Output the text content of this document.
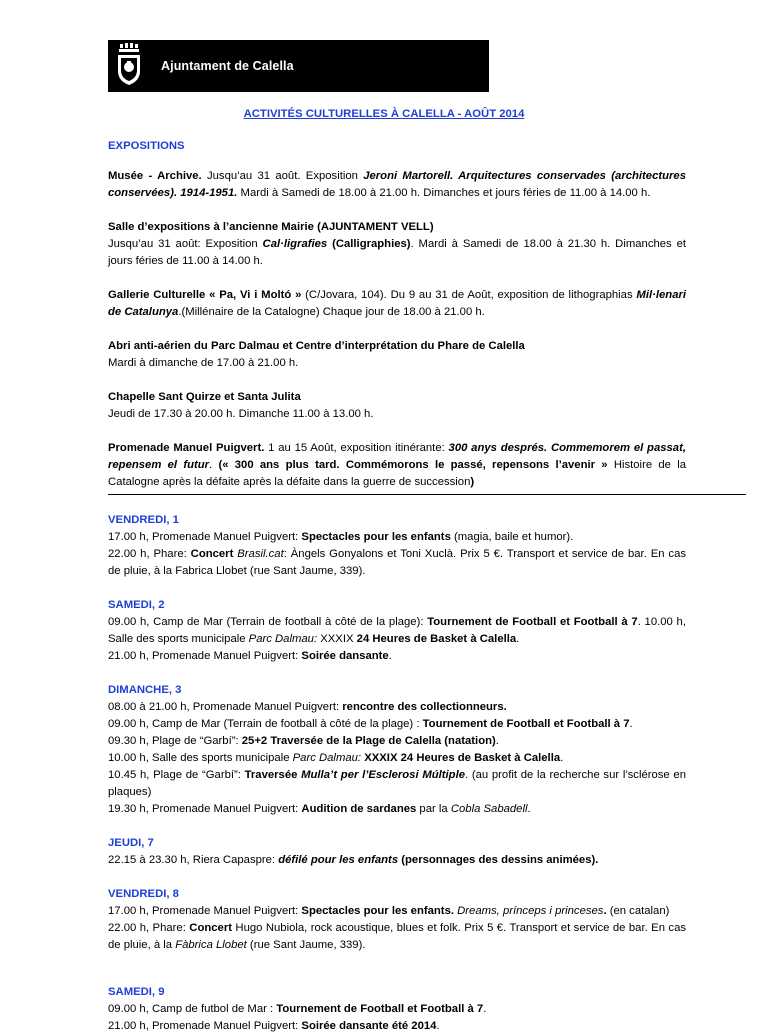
Ajuntament de Calella
ACTIVITÉS CULTURELLES À CALELLA - AOÛT 2014
EXPOSITIONS

Musée - Archive. Jusqu’au 31 août. Exposition Jeroni Martorell. Arquitectures conservades (architectures conservées). 1914-1951. Mardi à Samedi de 18.00 à 21.00 h. Dimanches et jours féries de 11.00 à 14.00 h.

Salle d’expositions à l’ancienne Mairie (AJUNTAMENT VELL)

Jusqu’au 31 août: Exposition Cal·ligrafies (Calligraphies). Mardi à Samedi de 18.00 à 21.30 h. Dimanches et jours féries de 11.00 à 14.00 h.

Gallerie Culturelle « Pa, Vi i Moltó » (C/Jovara, 104). Du 9 au 31 de Août, exposition de lithographias Mil·lenari de Catalunya.(Millénaire de la Catalogne) Chaque jour de 18.00 à 21.00 h.

Abri anti-aérien du Parc Dalmau et Centre d’interprétation du Phare de Calella

Mardi à dimanche de 17.00 à 21.00 h.

Chapelle Sant Quirze et Santa Julita

Jeudi de 17.30 à 20.00 h. Dimanche 11.00 à 13.00 h.

Promenade Manuel Puigvert. 1 au 15 Août, exposition itinérante: 300 anys després. Commemorem el passat, repensem el futur. (« 300 ans plus tard. Commémorons le passé, repensons l’avenir » Histoire de la Catalogne après la défaite après la défaite dans la guerre de succession)

VENDREDI, 1

17.00 h, Promenade Manuel Puigvert: Spectacles pour les enfants (magia, baile et humor).

22.00 h, Phare: Concert Brasil.cat: Àngels Gonyalons et Toni Xuclà. Prix 5 €. Transport et service de bar. En cas de pluie, à la Fabrica Llobet (rue Sant Jaume, 339).

SAMEDI, 2

09.00 h, Camp de Mar (Terrain de football à côté de la plage): Tournement de Football et Football à 7. 10.00 h, Salle des sports municipale Parc Dalmau: XXXIX 24 Heures de Basket à Calella.

21.00 h, Promenade Manuel Puigvert: Soirée dansante.

DIMANCHE, 3

08.00 à 21.00 h, Promenade Manuel Puigvert: rencontre des collectionneurs.

09.00 h, Camp de Mar (Terrain de football à côté de la plage) : Tournement de Football et Football à 7.

09.30 h, Plage de “Garbí”: 25+2 Traversée de la Plage de Calella (natation).

10.00 h, Salle des sports municipale Parc Dalmau: XXXIX 24 Heures de Basket à Calella.

10.45 h, Plage de “Garbí”: Traversée Mulla’t per l’Esclerosi Múltiple. (au profit de la recherche sur l’sclérose en plaques)

19.30 h, Promenade Manuel Puigvert: Audition de sardanes par la Cobla Sabadell.

JEUDI, 7

22.15 à 23.30 h, Riera Capaspre: défilé pour les enfants (personnages des dessins animées).

VENDREDI, 8

17.00 h, Promenade Manuel Puigvert: Spectacles pour les enfants. Dreams, prínceps i princeses. (en catalan)

22.00 h, Phare: Concert Hugo Nubiola, rock acoustique, blues et folk. Prix 5 €. Transport et service de bar. En cas de pluie, à la Fàbrica Llobet (rue Sant Jaume, 339).

SAMEDI, 9

09.00 h, Camp de futbol de Mar : Tournement de Football et Football à 7.

21.00 h, Promenade Manuel Puigvert: Soirée dansante été 2014.
